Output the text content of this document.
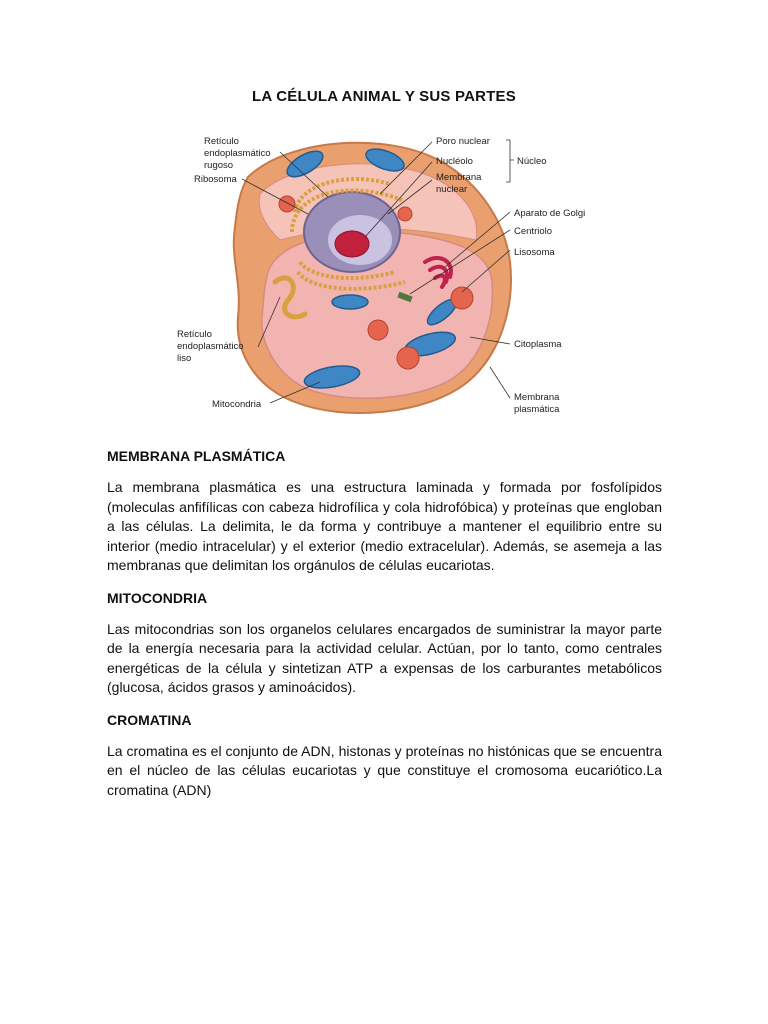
LA CÉLULA ANIMAL Y SUS PARTES
Retículo
endoplasmático
rugoso
Ribosoma
Poro nuclear
Nucléolo
Membrana
nuclear
Núcleo
Aparato de Golgi
Centriolo
Lisosoma
Retículo
endoplasmático
liso
Citoplasma
Mitocondria
Membrana
plasmática
MEMBRANA PLASMÁTICA

La membrana plasmática es una estructura laminada y formada por fosfolípidos (moleculas anfifílicas con cabeza hidrofílica y cola hidrofóbica) y proteínas que engloban a las células. La delimita, le da forma y contribuye a mantener el equilibrio entre su interior (medio intracelular) y el exterior (medio extracelular). Además, se asemeja a las membranas que delimitan los orgánulos de células eucariotas.

MITOCONDRIA

Las mitocondrias son los organelos celulares encargados de suministrar la mayor parte de la energía necesaria para la actividad celular. Actúan, por lo tanto, como centrales energéticas de la célula y sintetizan ATP a expensas de los carburantes metabólicos (glucosa, ácidos grasos y aminoácidos).

CROMATINA

La cromatina es el conjunto de ADN, histonas y proteínas no histónicas que se encuentra en el núcleo de las células eucariotas y que constituye el cromosoma eucariótico.La cromatina (ADN)
